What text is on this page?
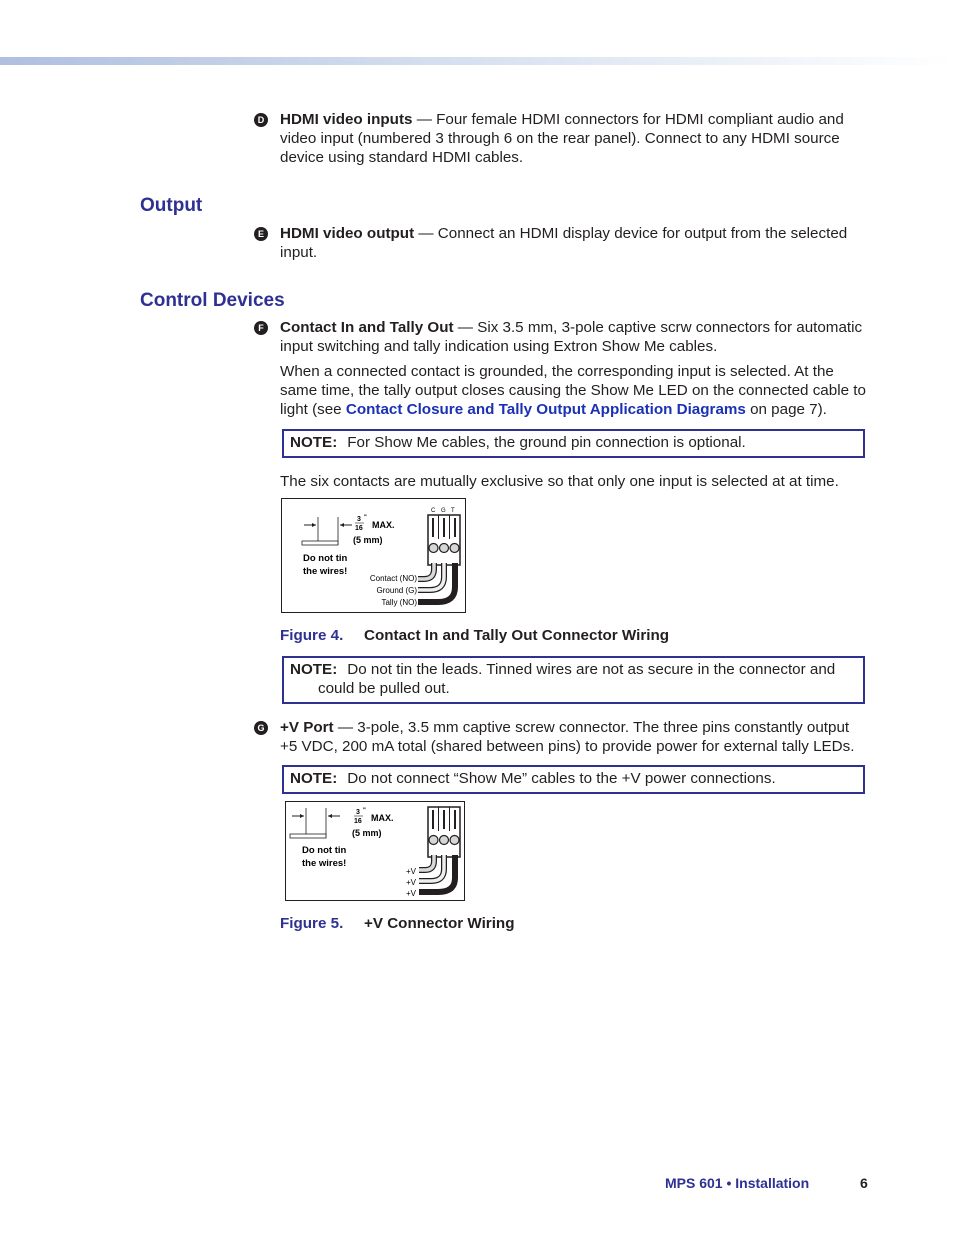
D HDMI video inputs — Four female HDMI connectors for HDMI compliant audio and video input (numbered 3 through 6 on the rear panel). Connect to any HDMI source device using standard HDMI cables.

Output
E HDMI video output — Connect an HDMI display device for output from the selected input.

Control Devices
F Contact In and Tally Out — Six 3.5 mm, 3-pole captive scrw connectors for automatic input switching and tally indication using Extron Show Me cables.

When a connected contact is grounded, the corresponding input is selected. At the same time, the tally output closes causing the Show Me LED on the connected cable to light (see Contact Closure and Tally Output Application Diagrams on page 7).

NOTE: For Show Me cables, the ground pin connection is optional.

The six contacts are mutually exclusive so that only one input is selected at at time.

3
16
"
MAX.
(5 mm)
Do not tin
the wires!
C G T
Contact (NO)
Ground (G)
Tally (NO)

Figure 4. Contact In and Tally Out Connector Wiring

NOTE: Do not tin the leads. Tinned wires are not as secure in the connector and
could be pulled out.
G +V Port — 3-pole, 3.5 mm captive screw connector. The three pins constantly output +5 VDC, 200 mA total (shared between pins) to provide power for external tally LEDs.

NOTE: Do not connect “Show Me” cables to the +V power connections.
3
16
"
MAX.
(5 mm)
Do not tin
the wires!
+V
+V
+V

Figure 5. +V Connector Wiring

MPS 601 • Installation	6
